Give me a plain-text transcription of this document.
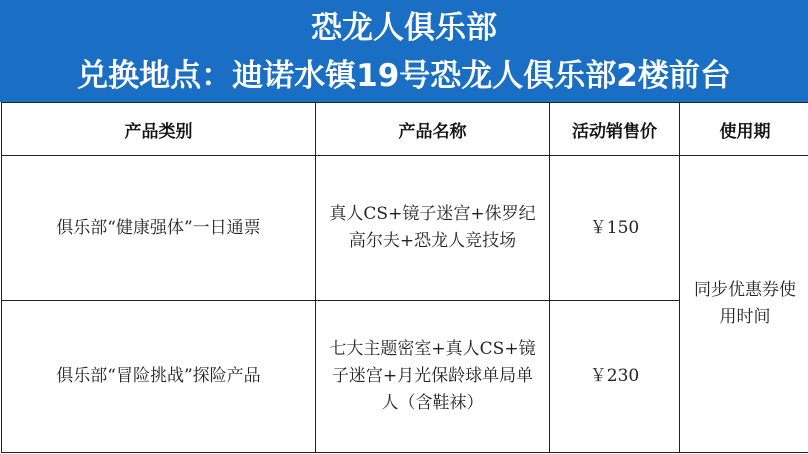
恐龙人俱乐部
兑换地点：迪诺水镇19号恐龙人俱乐部2楼前台
产品类别	产品名称	活动销售价	使用期
俱乐部“健康强体”一日通票	真人CS+镜子迷宫+侏罗纪高尔夫+恐龙人竞技场	￥150	同步优惠券使用时间
俱乐部“冒险挑战”探险产品	七大主题密室+真人CS+镜子迷宫+月光保龄球单局单人（含鞋袜）	￥230	
